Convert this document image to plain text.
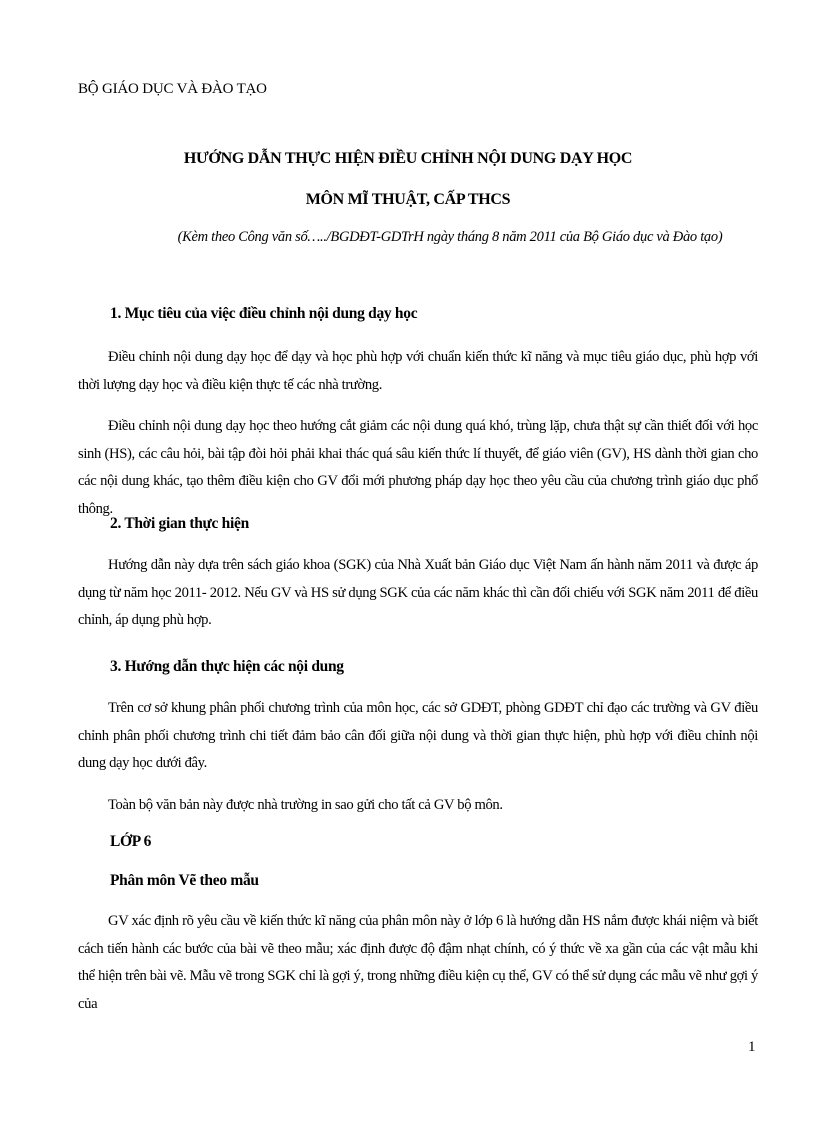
BỘ GIÁO DỤC VÀ ĐÀO TẠO
HƯỚNG DẪN THỰC HIỆN ĐIỀU CHỈNH NỘI DUNG DẠY HỌC
MÔN MĨ THUẬT, CẤP THCS
(Kèm theo Công văn số…../BGDĐT-GDTrH ngày tháng 8 năm 2011 của Bộ Giáo dục và Đào tạo)
1. Mục tiêu của việc điều chỉnh nội dung dạy học
Điều chỉnh nội dung dạy học để dạy và học phù hợp với chuẩn kiến thức kĩ năng và mục tiêu giáo dục, phù hợp với thời lượng dạy học và điều kiện thực tế các nhà trường.
Điều chỉnh nội dung dạy học theo hướng cắt giảm các nội dung quá khó, trùng lặp, chưa thật sự cần thiết đối với học sinh (HS), các câu hỏi, bài tập đòi hỏi phải khai thác quá sâu kiến thức lí thuyết, để giáo viên (GV), HS dành thời gian cho các nội dung khác, tạo thêm điều kiện cho GV đổi mới phương pháp dạy học theo yêu cầu của chương trình giáo dục phổ thông.
2. Thời gian thực hiện
Hướng dẫn này dựa trên sách giáo khoa (SGK) của Nhà Xuất bản Giáo dục Việt Nam ấn hành năm 2011 và được áp dụng từ năm học 2011- 2012. Nếu GV và HS sử dụng SGK của các năm khác thì cần đối chiếu với SGK năm 2011 để điều chỉnh, áp dụng phù hợp.
3. Hướng dẫn thực hiện các nội dung
Trên cơ sở khung phân phối chương trình của môn học, các sở GDĐT, phòng GDĐT chỉ đạo các trường và GV điều chỉnh phân phối chương trình chi tiết đảm bảo cân đối giữa nội dung và thời gian thực hiện, phù hợp với điều chỉnh nội dung dạy học dưới đây.
Toàn bộ văn bản này được nhà trường in sao gửi cho tất cả GV bộ môn.
LỚP 6
Phân môn Vẽ theo mẫu
GV xác định rõ yêu cầu về kiến thức kĩ năng của phân môn này ở lớp 6 là hướng dẫn HS nắm được khái niệm và biết cách tiến hành các bước của bài vẽ theo mẫu; xác định được độ đậm nhạt chính, có ý thức về xa gần của các vật mẫu khi thể hiện trên bài vẽ. Mẫu vẽ trong SGK chỉ là gợi ý, trong những điều kiện cụ thể, GV có thể sử dụng các mẫu vẽ như gợi ý của
1
